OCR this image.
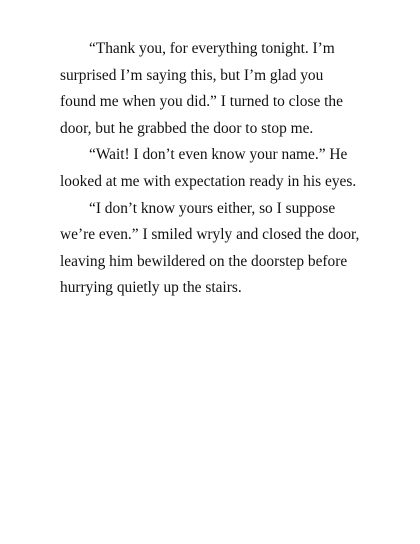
“Thank you, for everything tonight. I’m surprised I’m saying this, but I’m glad you found me when you did.” I turned to close the door, but he grabbed the door to stop me.

“Wait! I don’t even know your name.” He looked at me with expectation ready in his eyes.

“I don’t know yours either, so I suppose we’re even.” I smiled wryly and closed the door, leaving him bewildered on the doorstep before hurrying quietly up the stairs.
